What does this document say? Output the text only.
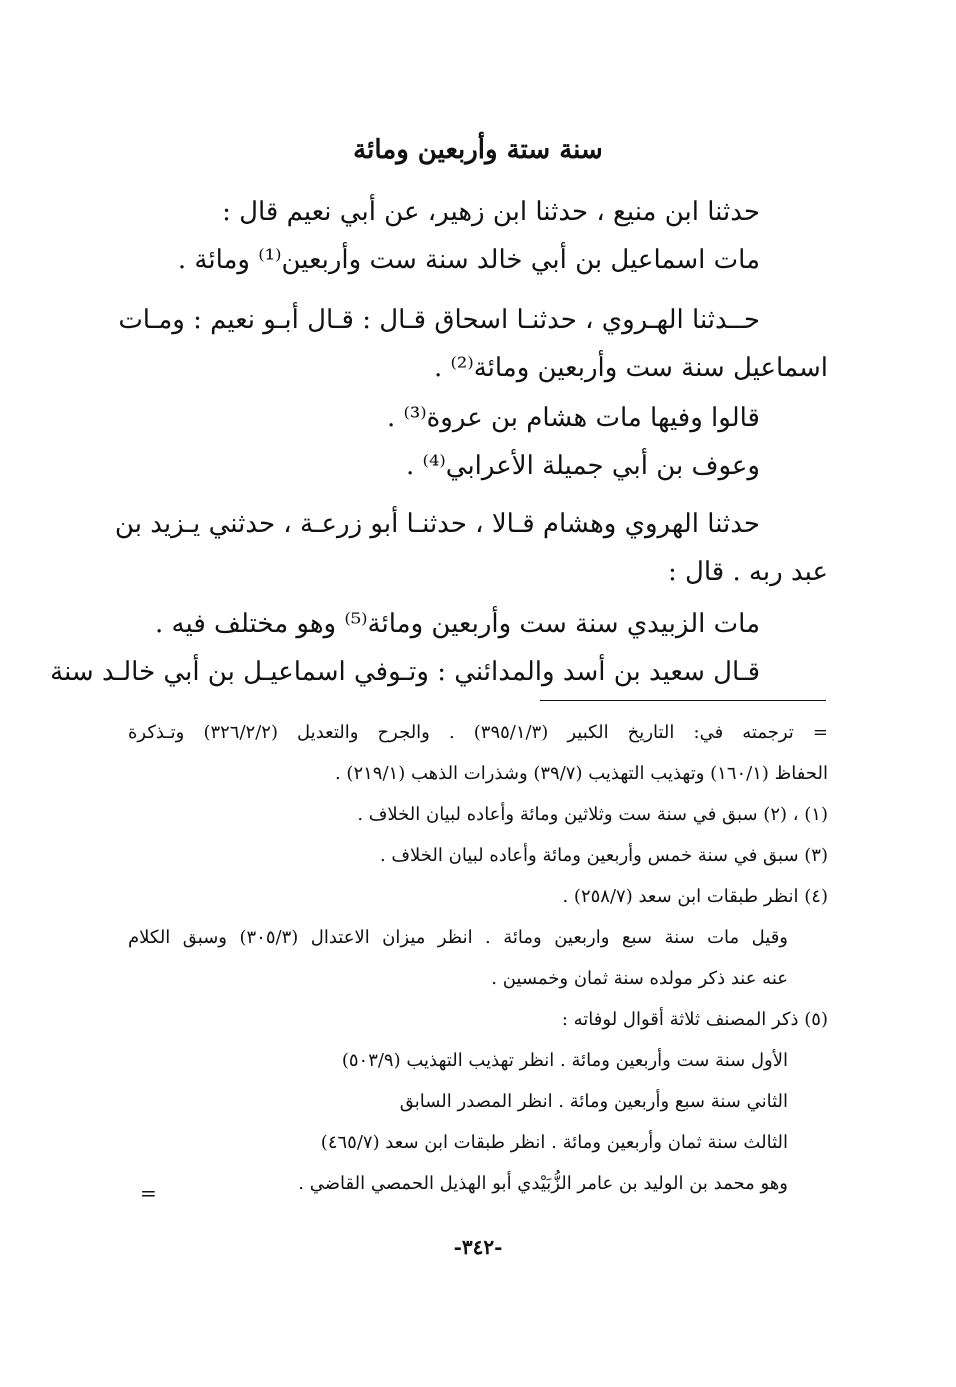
سنة ستة وأربعين ومائة
حدثنا ابن منيع ، حدثنا ابن زهير، عن أبي نعيم قال :
مات اسماعيل بن أبي خالد سنة ست وأربعين⁽¹⁾ ومائة .
حــدثنا الهـروي ، حدثنـا اسحاق قـال : قـال أبـو نعيم : ومـات
اسماعيل سنة ست وأربعين ومائة⁽²⁾ .
قالوا وفيها مات هشام بن عروة⁽³⁾ .
وعوف بن أبي جميلة الأعرابي⁽⁴⁾ .
حدثنا الهروي وهشام قـالا ، حدثنـا أبو زرعـة ، حدثني يـزيد بن
عبد ربه . قال :
مات الزبيدي سنة ست وأربعين ومائة⁽⁵⁾ وهو مختلف فيه .
قـال سعيد بن أسد والمدائني : وتـوفي اسماعيـل بن أبي خالـد سنة
= ترجمته في: التاريخ الكبير (٣٩٥/١/٣) . والجرح والتعديل (٣٢٦/٢/٢) وتـذكرة
الحفاظ (١٦٠/١) وتهذيب التهذيب (٣٩/٧) وشذرات الذهب (٢١٩/١) .
(١) ، (٢) سبق في سنة ست وثلاثين ومائة وأعاده لبيان الخلاف .
(٣) سبق في سنة خمس وأربعين ومائة وأعاده لبيان الخلاف .
(٤) انظر طبقات ابن سعد (٢٥٨/٧) .
وقيل مات سنة سبع واربعين ومائة . انظر ميزان الاعتدال (٣٠٥/٣) وسبق الكلام
عنه عند ذكر مولده سنة ثمان وخمسين .
(٥) ذكر المصنف ثلاثة أقوال لوفاته :
الأول سنة ست وأربعين ومائة . انظر تهذيب التهذيب (٥٠٣/٩)
الثاني سنة سبع وأربعين ومائة . انظر المصدر السابق
الثالث سنة ثمان وأربعين ومائة . انظر طبقات ابن سعد (٤٦٥/٧)
وهو محمد بن الوليد بن عامر الزُّبَيْدي أبو الهذيل الحمصي القاضي .
=
-٣٤٢-
